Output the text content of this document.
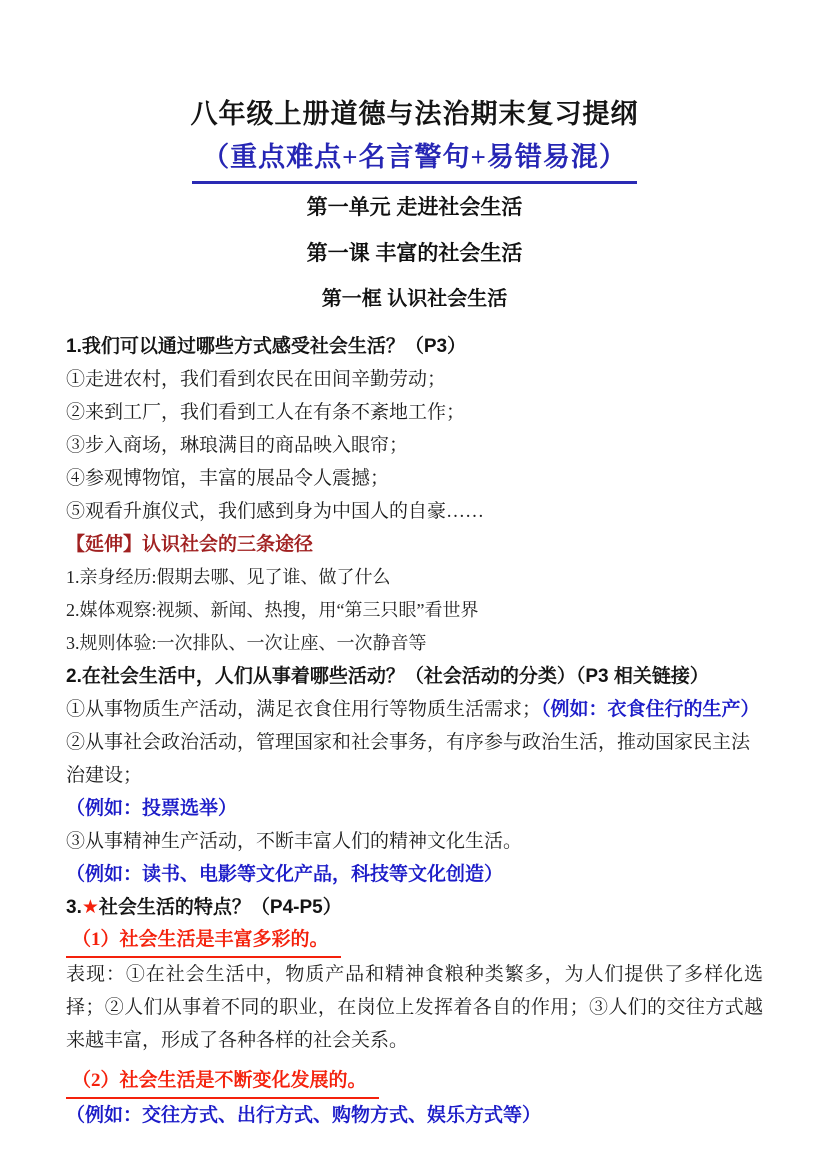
八年级上册道德与法治期末复习提纲
（重点难点+名言警句+易错易混）
第一单元 走进社会生活
第一课 丰富的社会生活
第一框 认识社会生活
1.我们可以通过哪些方式感受社会生活？（P3）
①走进农村，我们看到农民在田间辛勤劳动；
②来到工厂，我们看到工人在有条不紊地工作；
③步入商场，琳琅满目的商品映入眼帘；
④参观博物馆，丰富的展品令人震撼；
⑤观看升旗仪式，我们感到身为中国人的自豪……
【延伸】认识社会的三条途径
1.亲身经历:假期去哪、见了谁、做了什么
2.媒体观察:视频、新闻、热搜，用“第三只眼”看世界
3.规则体验:一次排队、一次让座、一次静音等
2.在社会生活中，人们从事着哪些活动？（社会活动的分类）（P3 相关链接）
①从事物质生产活动，满足衣食住用行等物质生活需求；（例如：衣食住行的生产）
②从事社会政治活动，管理国家和社会事务，有序参与政治生活，推动国家民主法治建设；
（例如：投票选举）
③从事精神生产活动，不断丰富人们的精神文化生活。
（例如：读书、电影等文化产品，科技等文化创造）
3.★社会生活的特点？（P4-P5）
（1）社会生活是丰富多彩的。
表现：①在社会生活中，物质产品和精神食粮种类繁多，为人们提供了多样化选择；②人们从事着不同的职业，在岗位上发挥着各自的作用；③人们的交往方式越来越丰富，形成了各种各样的社会关系。
（2）社会生活是不断变化发展的。
（例如：交往方式、出行方式、购物方式、娱乐方式等）
